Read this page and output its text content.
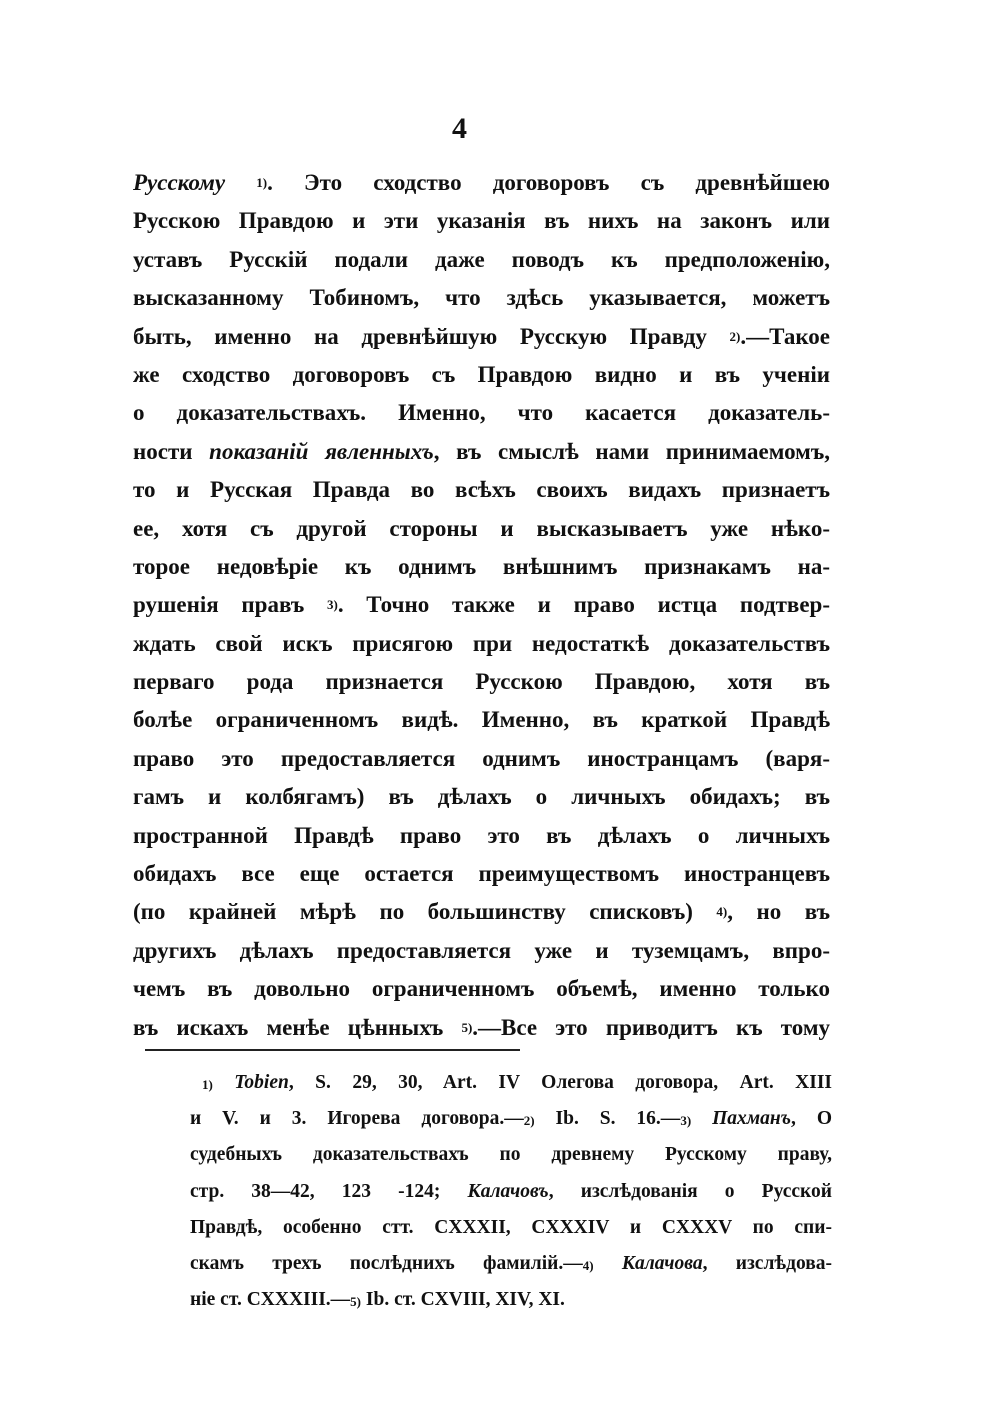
4
Русскому $^{1)}$. Это сходство договоровъ съ древнѣйшею
Русскою Правдою и эти указанія въ нихъ на законъ или
уставъ Русскій подали даже поводъ къ предположенію,
высказанному Тобиномъ, что здѣсь указывается, можетъ
быть, именно на древнѣйшую Русскую Правду $^{2)}$.—Такое
же сходство договоровъ съ Правдою видно и въ ученіи
о доказательствахъ. Именно, что касается доказатель-
ности показаній явленныхъ, въ смыслѣ нами принимаемомъ,
то и Русская Правда во всѣхъ своихъ видахъ признаетъ
ее, хотя съ другой стороны и высказываетъ уже нѣко-
торое недовѣріе къ однимъ внѣшнимъ признакамъ на-
рушенія правъ $^{3)}$. Точно также и право истца подтвер-
ждать свой искъ присягою при недостаткѣ доказательствъ
перваго рода признается Русскою Правдою, хотя въ
болѣе ограниченномъ видѣ. Именно, въ краткой Правдѣ
право это предоставляется однимъ иностранцамъ (варя-
гамъ и колбягамъ) въ дѣлахъ о личныхъ обидахъ; въ
пространной Правдѣ право это въ дѣлахъ о личныхъ
обидахъ все еще остается преимуществомъ иностранцевъ
(по крайней мѣрѣ по большинству списковъ) $^{4)}$, но въ
другихъ дѣлахъ предоставляется уже и туземцамъ, впро-
чемъ въ довольно ограниченномъ объемѣ, именно только
въ искахъ менѣе цѣнныхъ $^{5)}$.—Все это приводитъ къ тому
$^{1)}$ Tobien, S. 29, 30, Art. IV Олегова договора, Art. XIII
и V. и 3. Игорева договора.—$^{2)}$ Ib. S. 16.—$^{3)}$ Пахманъ, О
судебныхъ доказательствахъ по древнему Русскому праву,
стр. 38—42, 123 -124; Калачовъ, изслѣдованія о Русской
Правдѣ, особенно стт. CXXXII, CXXXIV и CXXXV по спи-
скамъ трехъ послѣднихъ фамилій.—$^{4)}$ Калачова, изслѣдова-
ніе ст. CXXXIII.—$^{5)}$ Ib. ст. CXVIII, XIV, XI.
